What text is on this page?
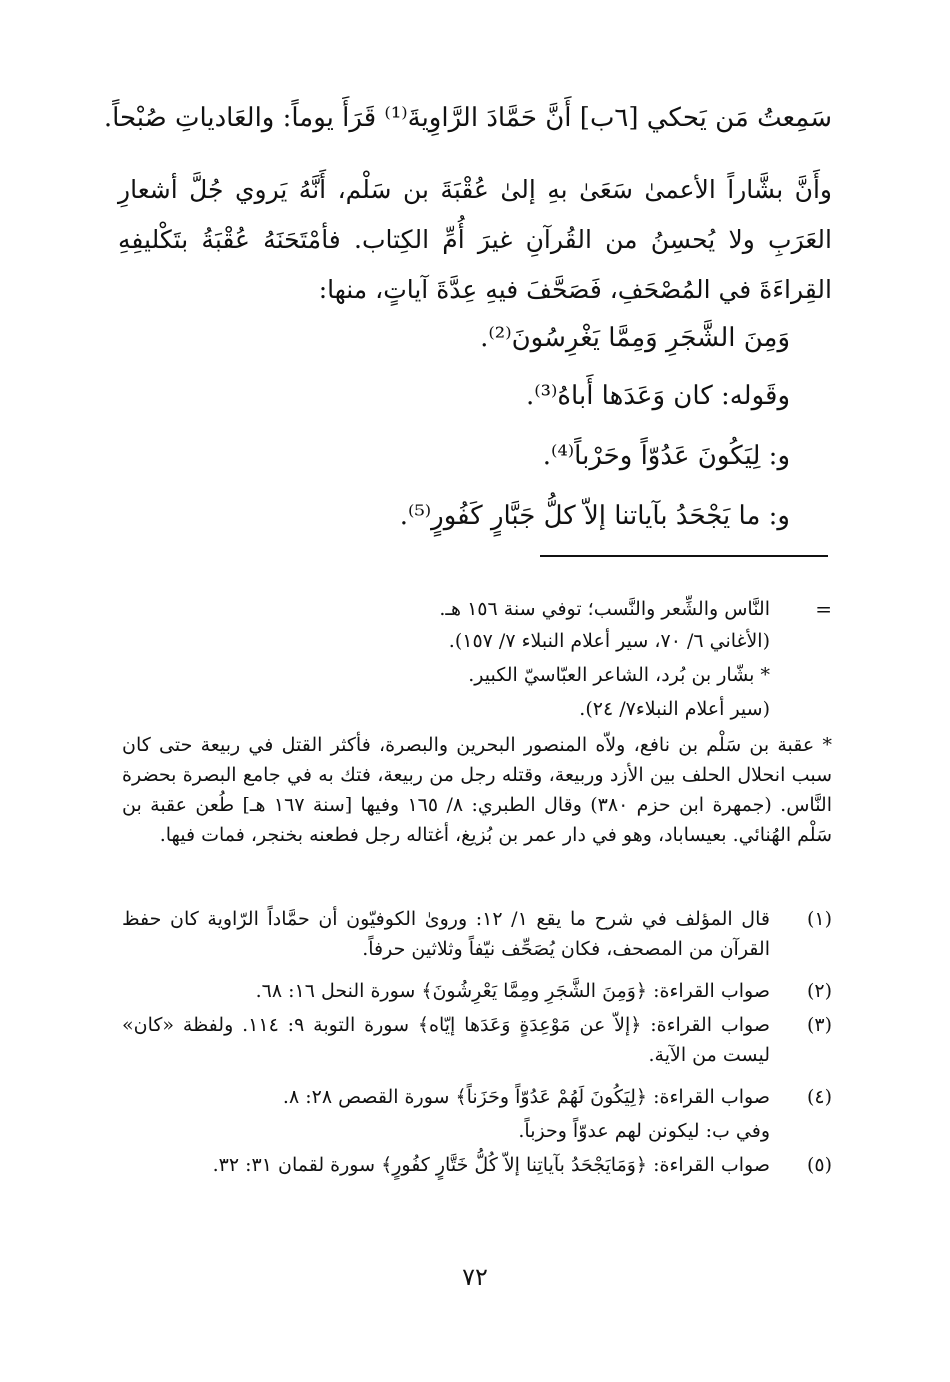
سَمِعتُ مَن يَحكي [٦ب] أَنَّ حَمَّادَ الرَّاوِيةَ⁽¹⁾ قَرَأَ يوماً: والعَادياتِ صُبْحاً.
وأَنَّ بشَّاراً الأعمىٰ سَعَىٰ بهِ إلىٰ عُقْبَةَ بن سَلْم، أَنَّهُ يَروي جُلَّ أشعارِ العَرَبِ ولا يُحسِنُ من القُرآنِ غيرَ أُمِّ الكِتاب. فأمْتَحَنَهُ عُقْبَةُ بتَكْليفِهِ القِراءَةَ في المُصْحَفِ، فَصَحَّفَ فيهِ عِدَّةَ آياتٍ، منها:
وَمِنَ الشَّجَرِ وَمِمَّا يَغْرِسُونَ⁽²⁾.
وقَوله: كان وَعَدَها أَباهُ⁽³⁾.
و: لِيَكُونَ عَدُوّاً وحَرْباً⁽⁴⁾.
و: ما يَجْحَدُ بآياتنا إلاّ كلُّ جَبَّارٍ كَفُورٍ⁽⁵⁾.
=
النَّاس والشِّعر والنَّسب؛ توفي سنة ١٥٦ هـ.
(الأغاني ٦/ ٧٠، سير أعلام النبلاء ٧/ ١٥٧).
* بشّار بن بُرد، الشاعر العبّاسيّ الكبير.
(سير أعلام النبلاء٧/ ٢٤).
* عقبة بن سَلْم بن نافع، ولاّه المنصور البحرين والبصرة، فأكثر القتل في ربيعة حتى كان سبب انحلال الحلف بين الأزد وربيعة، وقتله رجل من ربيعة، فتك به في جامع البصرة بحضرة النَّاس. (جمهرة ابن حزم ٣٨٠) وقال الطبري: ٨/ ١٦٥ وفيها [سنة ١٦٧ هـ] طُعن عقبة بن سَلْم الهُنائي. بعيساباد، وهو في دار عمر بن بُزيغ، أغتاله رجل فطعنه بخنجر، فمات فيها.
(١)
قال المؤلف في شرح ما يقع ١/ ١٢: وروىٰ الكوفيّون أن حمَّاداً الرّاوية كان حفظ القرآن من المصحف، فكان يُصَحِّف نيّفاً وثلاثين حرفاً.
(٢)
صواب القراءة: ﴿وَمِنَ الشَّجَرِ ومِمَّا يَعْرِشُونَ﴾ سورة النحل ١٦: ٦٨.
(٣)
صواب القراءة: ﴿إلاّ عن مَوْعِدَةٍ وَعَدَها إيّاه﴾ سورة التوبة ٩: ١١٤. ولفظة «كان» ليست من الآية.
(٤)
صواب القراءة: ﴿لِيَكُونَ لَهُمْ عَدُوّاً وحَزَناً﴾ سورة القصص ٢٨: ٨.
وفي ب: ليكونن لهم عدوّاً وحزباً.
(٥)
صواب القراءة: ﴿وَمَايَجْحَدُ بآياتِنا إلاّ كُلُّ خَتَّارٍ كفُورٍ﴾ سورة لقمان ٣١: ٣٢.
٧٢
